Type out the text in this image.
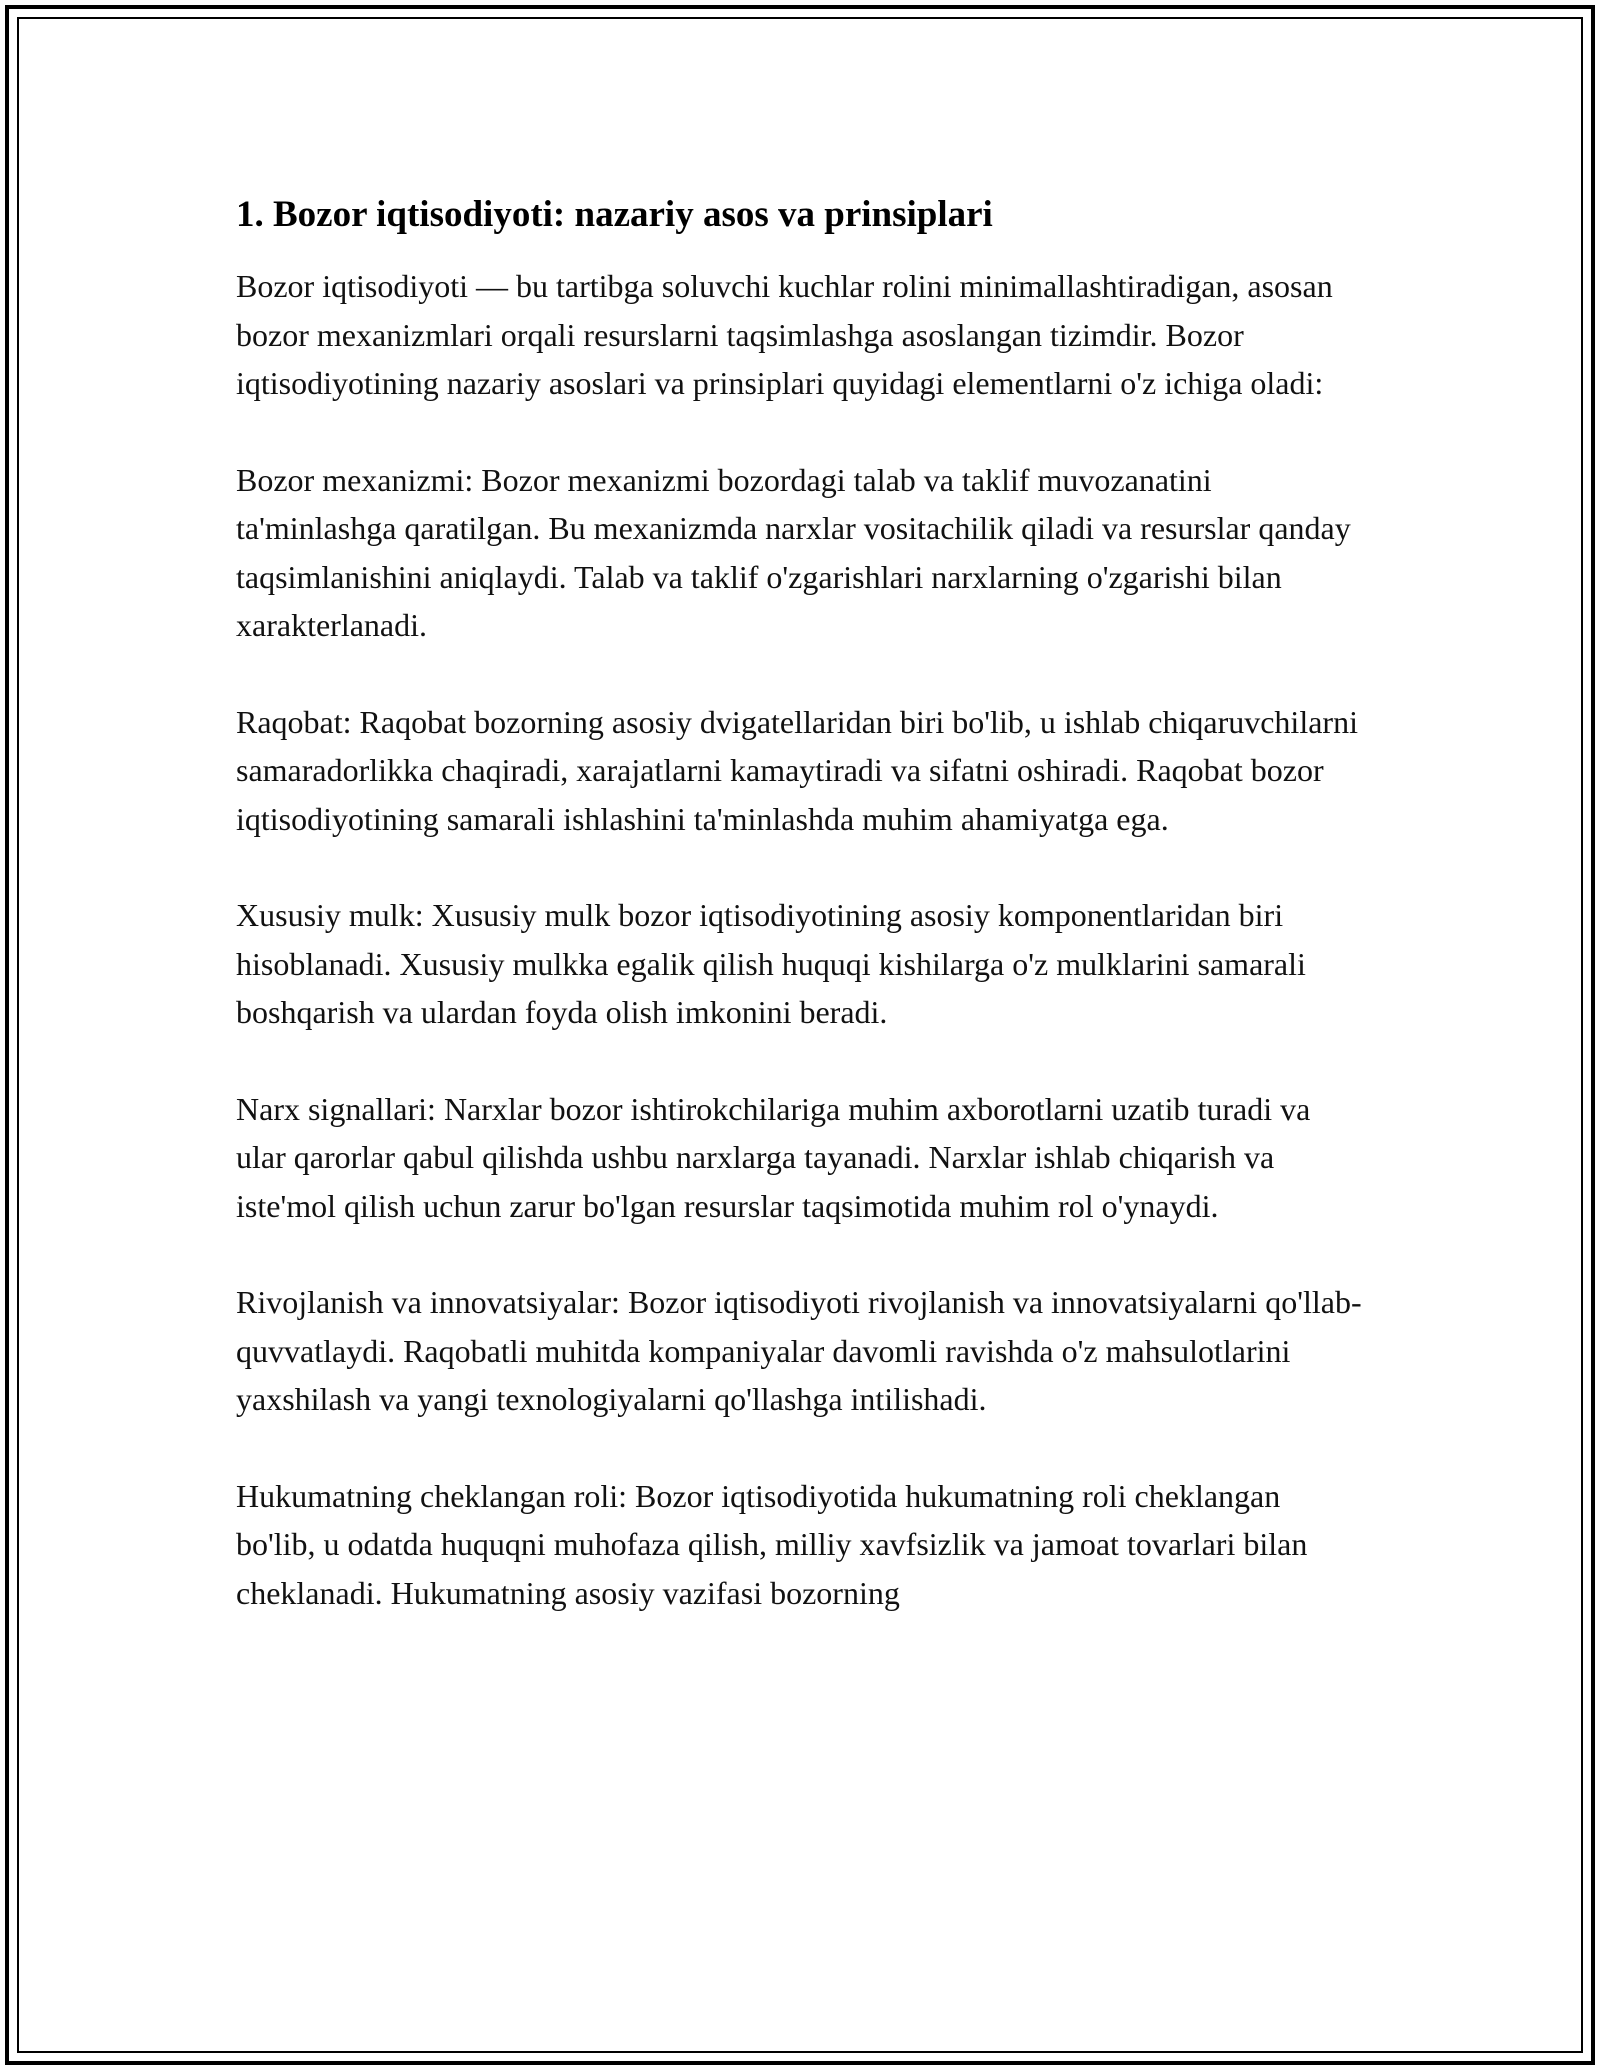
1. Bozor iqtisodiyoti: nazariy asos va prinsiplari

Bozor iqtisodiyoti — bu tartibga soluvchi kuchlar rolini minimallashtiradigan, asosan bozor mexanizmlari orqali resurslarni taqsimlashga asoslangan tizimdir. Bozor iqtisodiyotining nazariy asoslari va prinsiplari quyidagi elementlarni o'z ichiga oladi:

Bozor mexanizmi: Bozor mexanizmi bozordagi talab va taklif muvozanatini ta'minlashga qaratilgan. Bu mexanizmda narxlar vositachilik qiladi va resurslar qanday taqsimlanishini aniqlaydi. Talab va taklif o'zgarishlari narxlarning o'zgarishi bilan xarakterlanadi.

Raqobat: Raqobat bozorning asosiy dvigatellaridan biri bo'lib, u ishlab chiqaruvchilarni samaradorlikka chaqiradi, xarajatlarni kamaytiradi va sifatni oshiradi. Raqobat bozor iqtisodiyotining samarali ishlashini ta'minlashda muhim ahamiyatga ega.

Xususiy mulk: Xususiy mulk bozor iqtisodiyotining asosiy komponentlaridan biri hisoblanadi. Xususiy mulkka egalik qilish huquqi kishilarga o'z mulklarini samarali boshqarish va ulardan foyda olish imkonini beradi.

Narx signallari: Narxlar bozor ishtirokchilariga muhim axborotlarni uzatib turadi va ular qarorlar qabul qilishda ushbu narxlarga tayanadi. Narxlar ishlab chiqarish va iste'mol qilish uchun zarur bo'lgan resurslar taqsimotida muhim rol o'ynaydi.

Rivojlanish va innovatsiyalar: Bozor iqtisodiyoti rivojlanish va innovatsiyalarni qo'llab-quvvatlaydi. Raqobatli muhitda kompaniyalar davomli ravishda o'z mahsulotlarini yaxshilash va yangi texnologiyalarni qo'llashga intilishadi.

Hukumatning cheklangan roli: Bozor iqtisodiyotida hukumatning roli cheklangan bo'lib, u odatda huquqni muhofaza qilish, milliy xavfsizlik va jamoat tovarlari bilan cheklanadi. Hukumatning asosiy vazifasi bozorning
